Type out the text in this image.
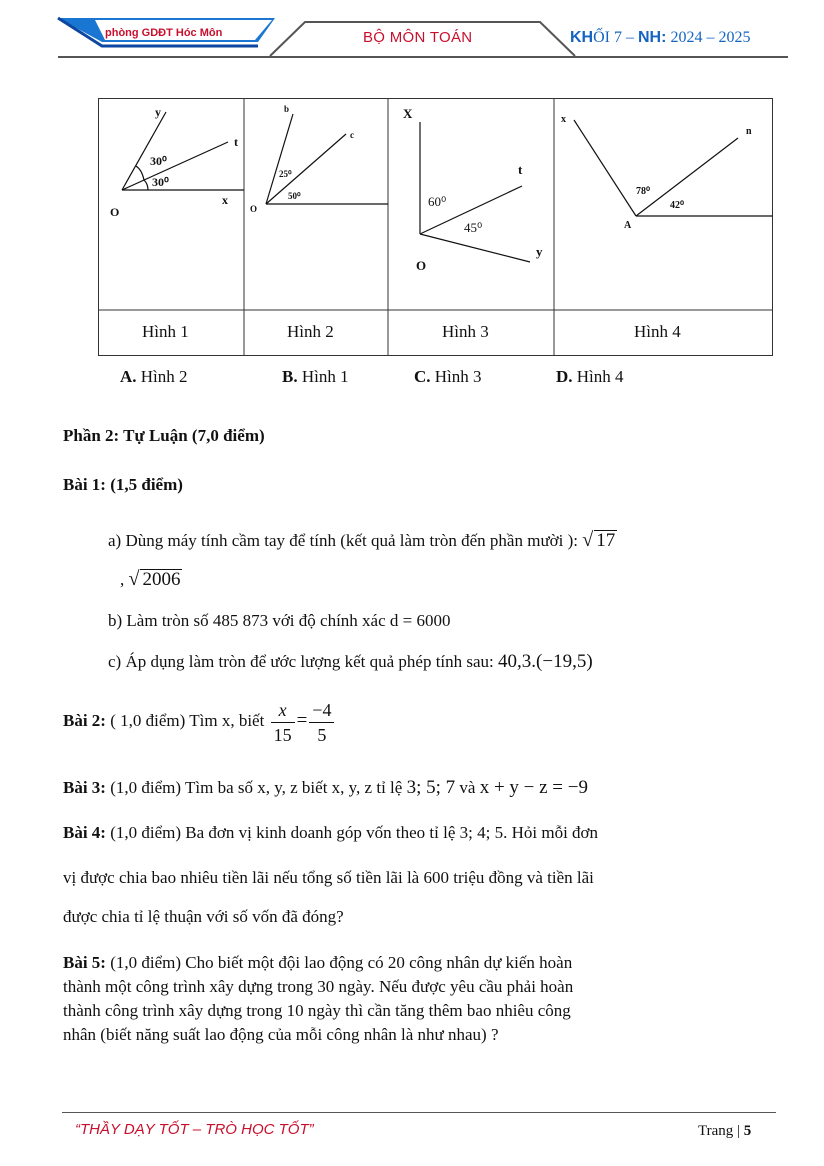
phòng GDĐT Hóc Môn	BỘ MÔN TOÁN	KHỐI 7 – NH: 2024 – 2025
y
t
x
O
30⁰
30⁰
b
c
O
25⁰
50⁰
X
t
y
O
60⁰
45⁰
x
n
A
78⁰
42⁰
Hình 1	Hình 2	Hình 3	Hình 4
A. Hình 2	B. Hình 1	C. Hình 3	D. Hình 4
Phần 2: Tự Luận (7,0 điểm)
Bài 1: (1,5 điểm)
a) Dùng máy tính cầm tay để tính (kết quả làm tròn đến phần mười ): √ 17
, √ 2006
b) Làm tròn số 485 873 với độ chính xác d = 6000
c) Áp dụng làm tròn để ước lượng kết quả phép tính sau: 40,3.(−19,5)
Bài 2: ( 1,0 điểm) Tìm x, biết $\frac{x}{15} = \frac{-4}{5}$
Bài 3: (1,0 điểm) Tìm ba số x, y, z biết x, y, z tỉ lệ 3; 5; 7 và x + y − z = −9
Bài 4: (1,0 điểm) Ba đơn vị kinh doanh góp vốn theo tỉ lệ 3; 4; 5. Hỏi mỗi đơn
vị được chia bao nhiêu tiền lãi nếu tổng số tiền lãi là 600 triệu đồng và tiền lãi
được chia tỉ lệ thuận với số vốn đã đóng?
Bài 5: (1,0 điểm) Cho biết một đội lao động có 20 công nhân dự kiến hoàn
thành một công trình xây dựng trong 30 ngày. Nếu được yêu cầu phải hoàn
thành công trình xây dựng trong 10 ngày thì cần tăng thêm bao nhiêu công
nhân (biết năng suất lao động của mỗi công nhân là như nhau) ?
“THẦY DẠY TỐT – TRÒ HỌC TỐT”	Trang | 5
